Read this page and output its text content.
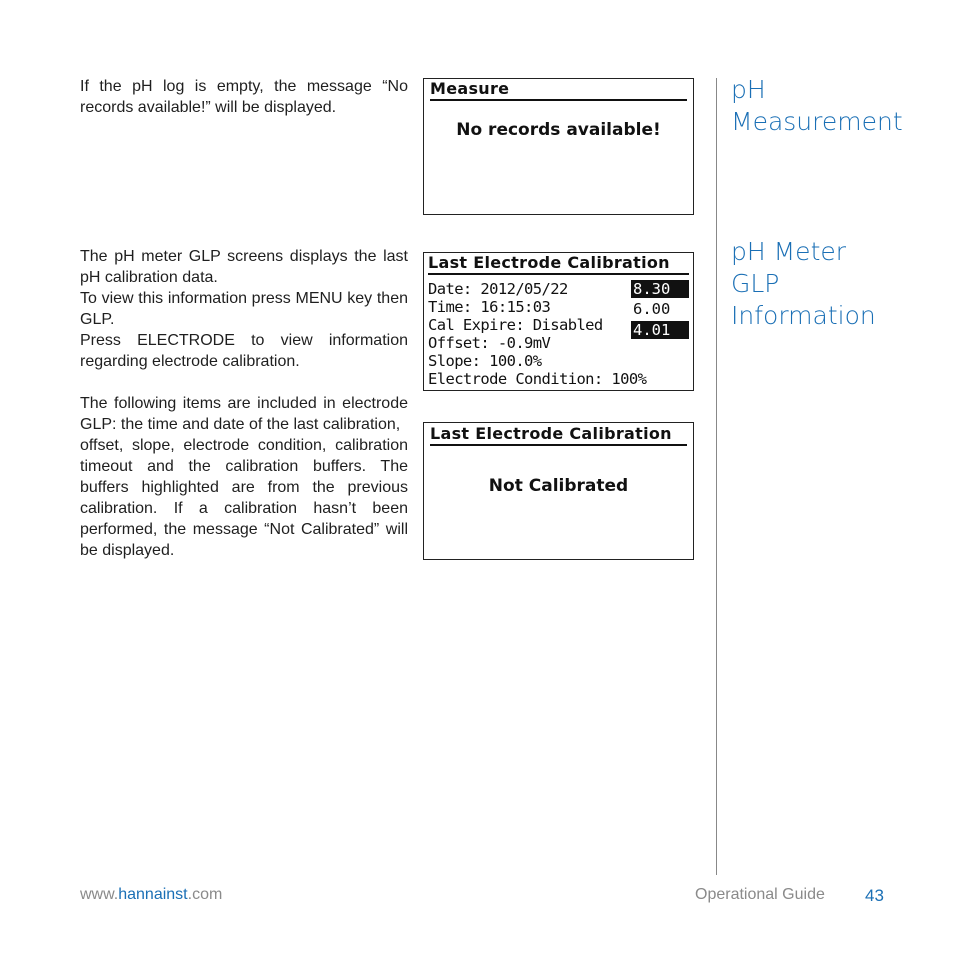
If the pH log is empty, the message “No records available!” will be displayed.

Measure
No records available!
pH
Measurement

The pH meter GLP screens displays the last pH calibration data.

To view this information press MENU key then GLP.

Press ELECTRODE to view information regarding electrode calibration.

The following items are included in electrode GLP: the time and date of the last calibration,

offset, slope, electrode condition, calibration timeout and the calibration buffers. The buffers highlighted are from the previous calibration. If a calibration hasn’t been performed, the message “Not Calibrated” will be displayed.

Last Electrode Calibration
Date: 2012/05/22
Time: 16:15:03
Cal Expire: Disabled
Offset: -0.9mV
Slope: 100.0%
Electrode Condition: 100%
8.30
6.00
4.01
Last Electrode Calibration
Not Calibrated
pH Meter
GLP
Information
www.hannainst.com	Operational Guide 43
